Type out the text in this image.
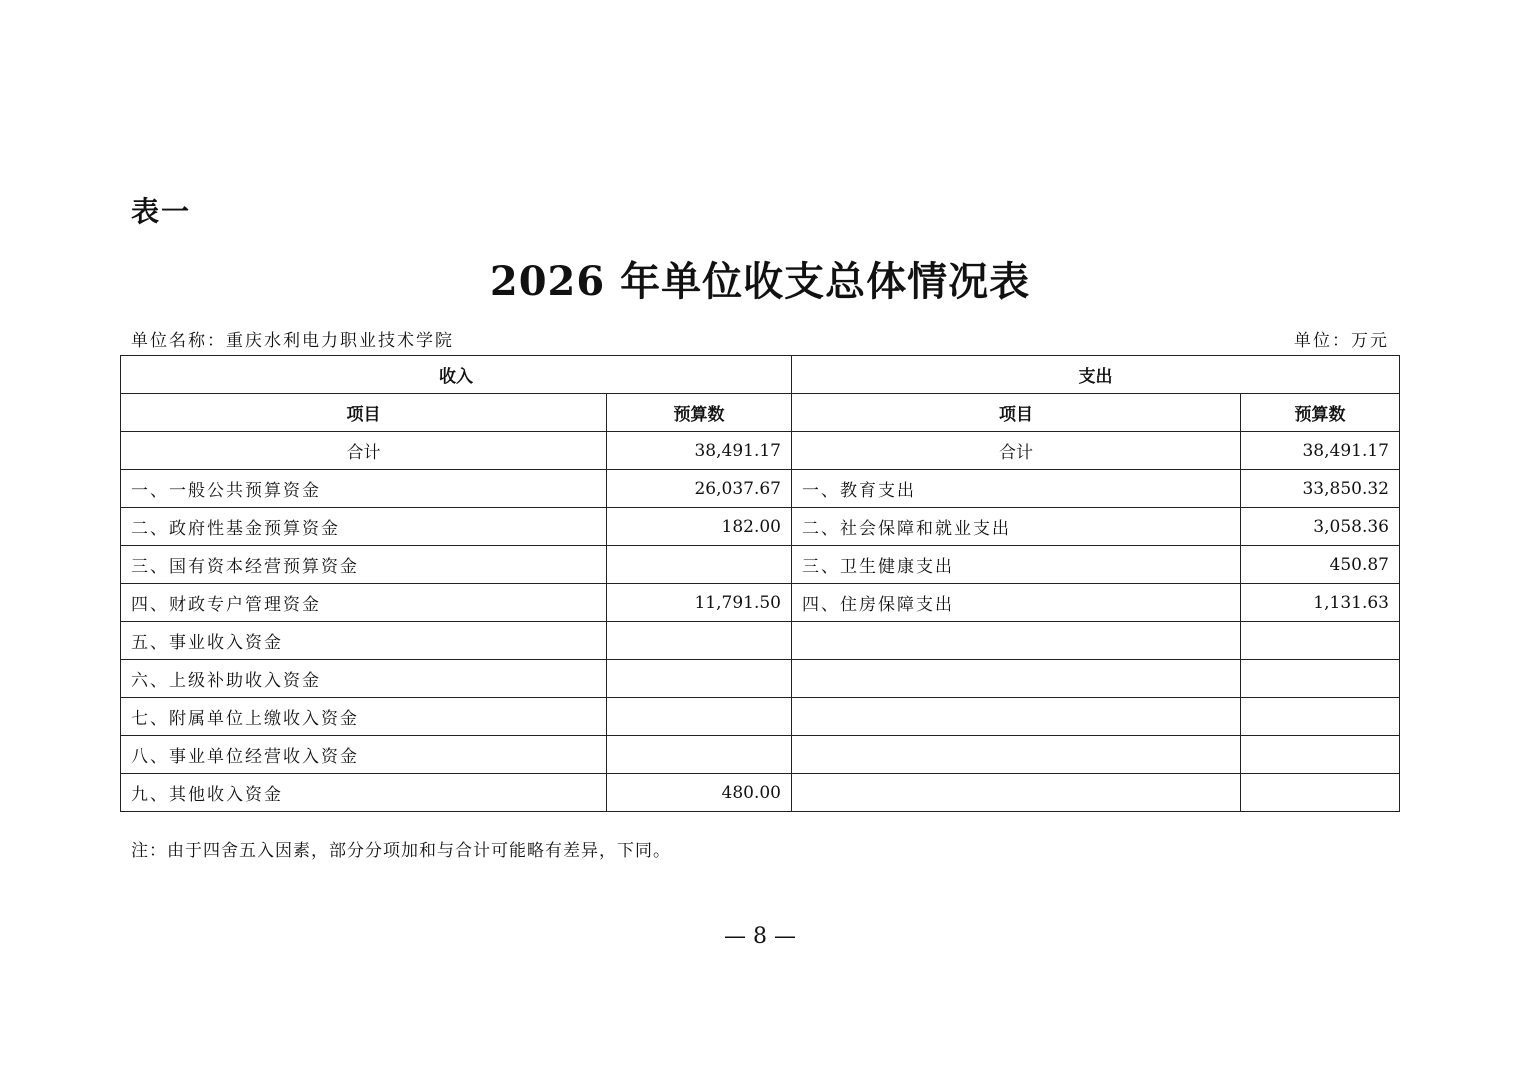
表一
2026 年单位收支总体情况表
单位名称：重庆水利电力职业技术学院	单位：万元
收入		支出	
项目	预算数	项目	预算数
合计	38,491.17	合计	38,491.17
一、一般公共预算资金	26,037.67	一、教育支出	33,850.32
二、政府性基金预算资金	182.00	二、社会保障和就业支出	3,058.36
三、国有资本经营预算资金		三、卫生健康支出	450.87
四、财政专户管理资金	11,791.50	四、住房保障支出	1,131.63
五、事业收入资金			
六、上级补助收入资金			
七、附属单位上缴收入资金			
八、事业单位经营收入资金			
九、其他收入资金	480.00		
注：由于四舍五入因素，部分分项加和与合计可能略有差异，下同。
— 8 —
